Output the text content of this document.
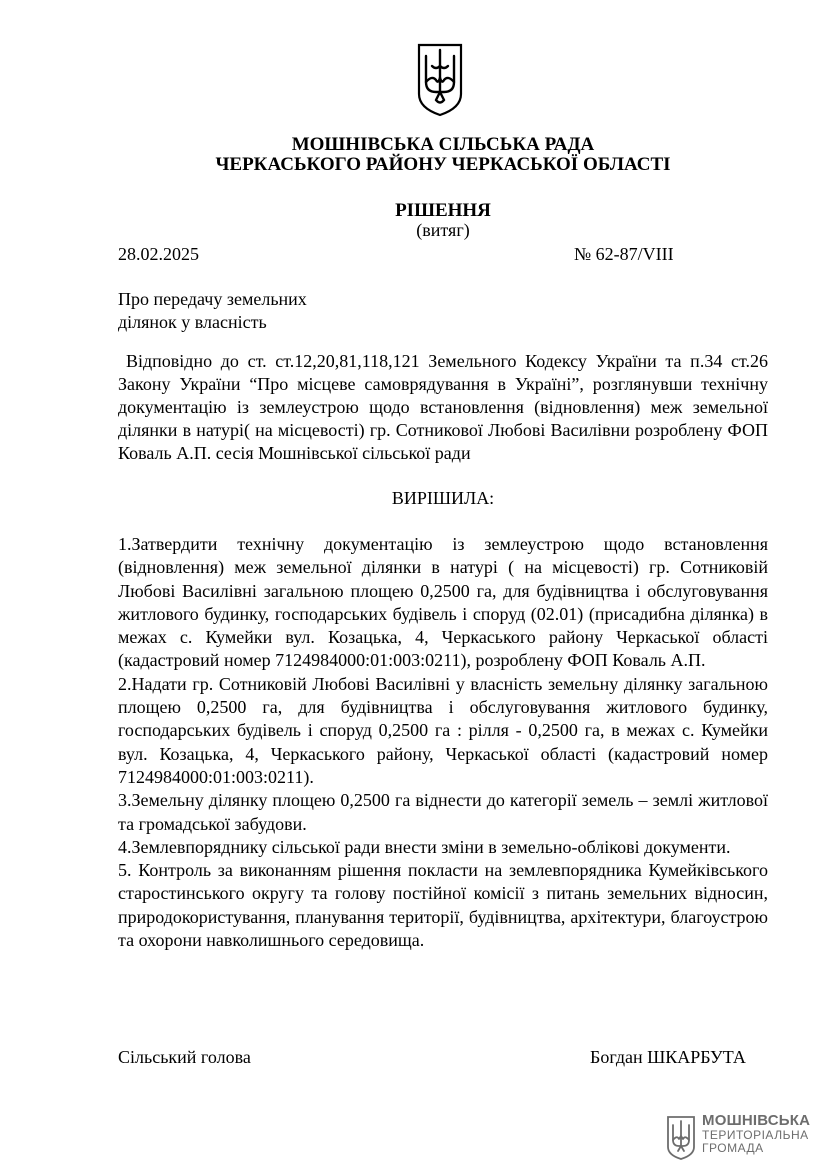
МОШНІВСЬКА СІЛЬСЬКА РАДА
ЧЕРКАСЬКОГО РАЙОНУ ЧЕРКАСЬКОЇ ОБЛАСТІ
РІШЕННЯ
(витяг)
28.02.2025	№ 62-87/VIII
Про передачу земельних
ділянок у власність

Відповідно до ст. ст.12,20,81,118,121 Земельного Кодексу України та п.34 ст.26 Закону України “Про місцеве самоврядування в Україні”, розглянувши технічну документацію із землеустрою щодо встановлення (відновлення) меж земельної ділянки в натурі( на місцевості) гр. Сотникової Любові Василівни розроблену ФОП Коваль А.П. сесія Мошнівської сільської ради

ВИРІШИЛА:

1.Затвердити технічну документацію із землеустрою щодо встановлення (відновлення) меж земельної ділянки в натурі ( на місцевості) гр. Сотниковій Любові Василівні загальною площею 0,2500 га, для будівництва і обслуговування житлового будинку, господарських будівель і споруд (02.01) (присадибна ділянка) в межах с. Кумейки вул. Козацька, 4, Черкаського району Черкаської області (кадастровий номер 7124984000:01:003:0211), розроблену ФОП Коваль А.П.

2.Надати гр. Сотниковій Любові Василівні у власність земельну ділянку загальною площею 0,2500 га, для будівництва і обслуговування житлового будинку, господарських будівель і споруд 0,2500 га : рілля - 0,2500 га, в межах с. Кумейки вул. Козацька, 4, Черкаського району, Черкаської області (кадастровий номер 7124984000:01:003:0211).

3.Земельну ділянку площею 0,2500 га віднести до категорії земель – землі житлової та громадської забудови.

4.Землевпоряднику сільської ради внести зміни в земельно-облікові документи.

5. Контроль за виконанням рішення покласти на землевпорядника Кумейківського старостинського округу та голову постійної комісії з питань земельних відносин, природокористування, планування території, будівництва, архітектури, благоустрою та охорони навколишнього середовища.

Сільський голова	Богдан ШКАРБУТА
МОШНІВСЬКА
ТЕРИТОРІАЛЬНА
ГРОМАДА
